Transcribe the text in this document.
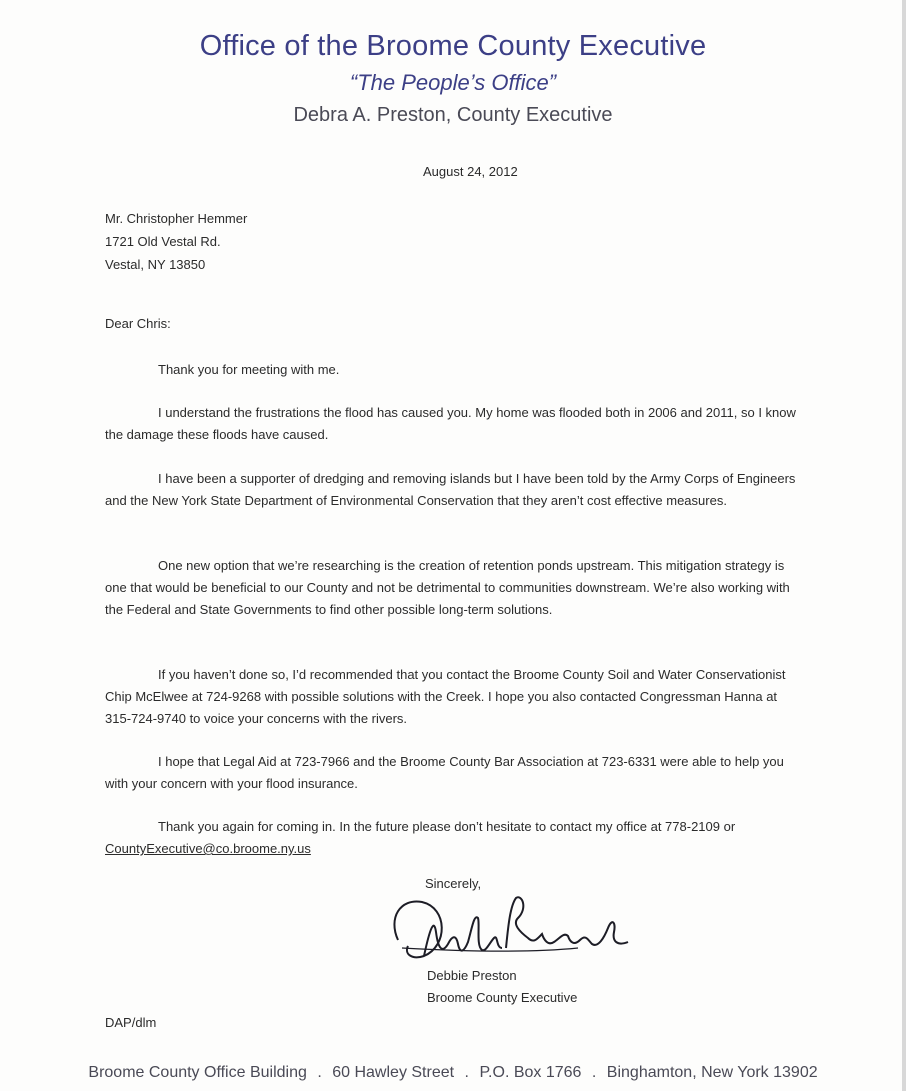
Office of the Broome County Executive
“The People’s Office”
Debra A. Preston, County Executive
August 24, 2012
Mr. Christopher Hemmer
1721 Old Vestal Rd.
Vestal, NY 13850
Dear Chris:

Thank you for meeting with me.

I understand the frustrations the flood has caused you. My home was flooded both in 2006 and 2011, so I know the damage these floods have caused.

I have been a supporter of dredging and removing islands but I have been told by the Army Corps of Engineers and the New York State Department of Environmental Conservation that they aren’t cost effective measures.

One new option that we’re researching is the creation of retention ponds upstream. This mitigation strategy is one that would be beneficial to our County and not be detrimental to communities downstream. We’re also working with the Federal and State Governments to find other possible long-term solutions.

If you haven’t done so, I’d recommended that you contact the Broome County Soil and Water Conservationist Chip McElwee at 724-9268 with possible solutions with the Creek. I hope you also contacted Congressman Hanna at 315-724-9740 to voice your concerns with the rivers.

I hope that Legal Aid at 723-7966 and the Broome County Bar Association at 723-6331 were able to help you with your concern with your flood insurance.

Thank you again for coming in. In the future please don’t hesitate to contact my office at 778-2109 or CountyExecutive@co.broome.ny.us

Sincerely,
Debbie Preston
Broome County Executive
DAP/dlm
Broome County Office Building . 60 Hawley Street . P.O. Box 1766 . Binghamton, New York 13902
